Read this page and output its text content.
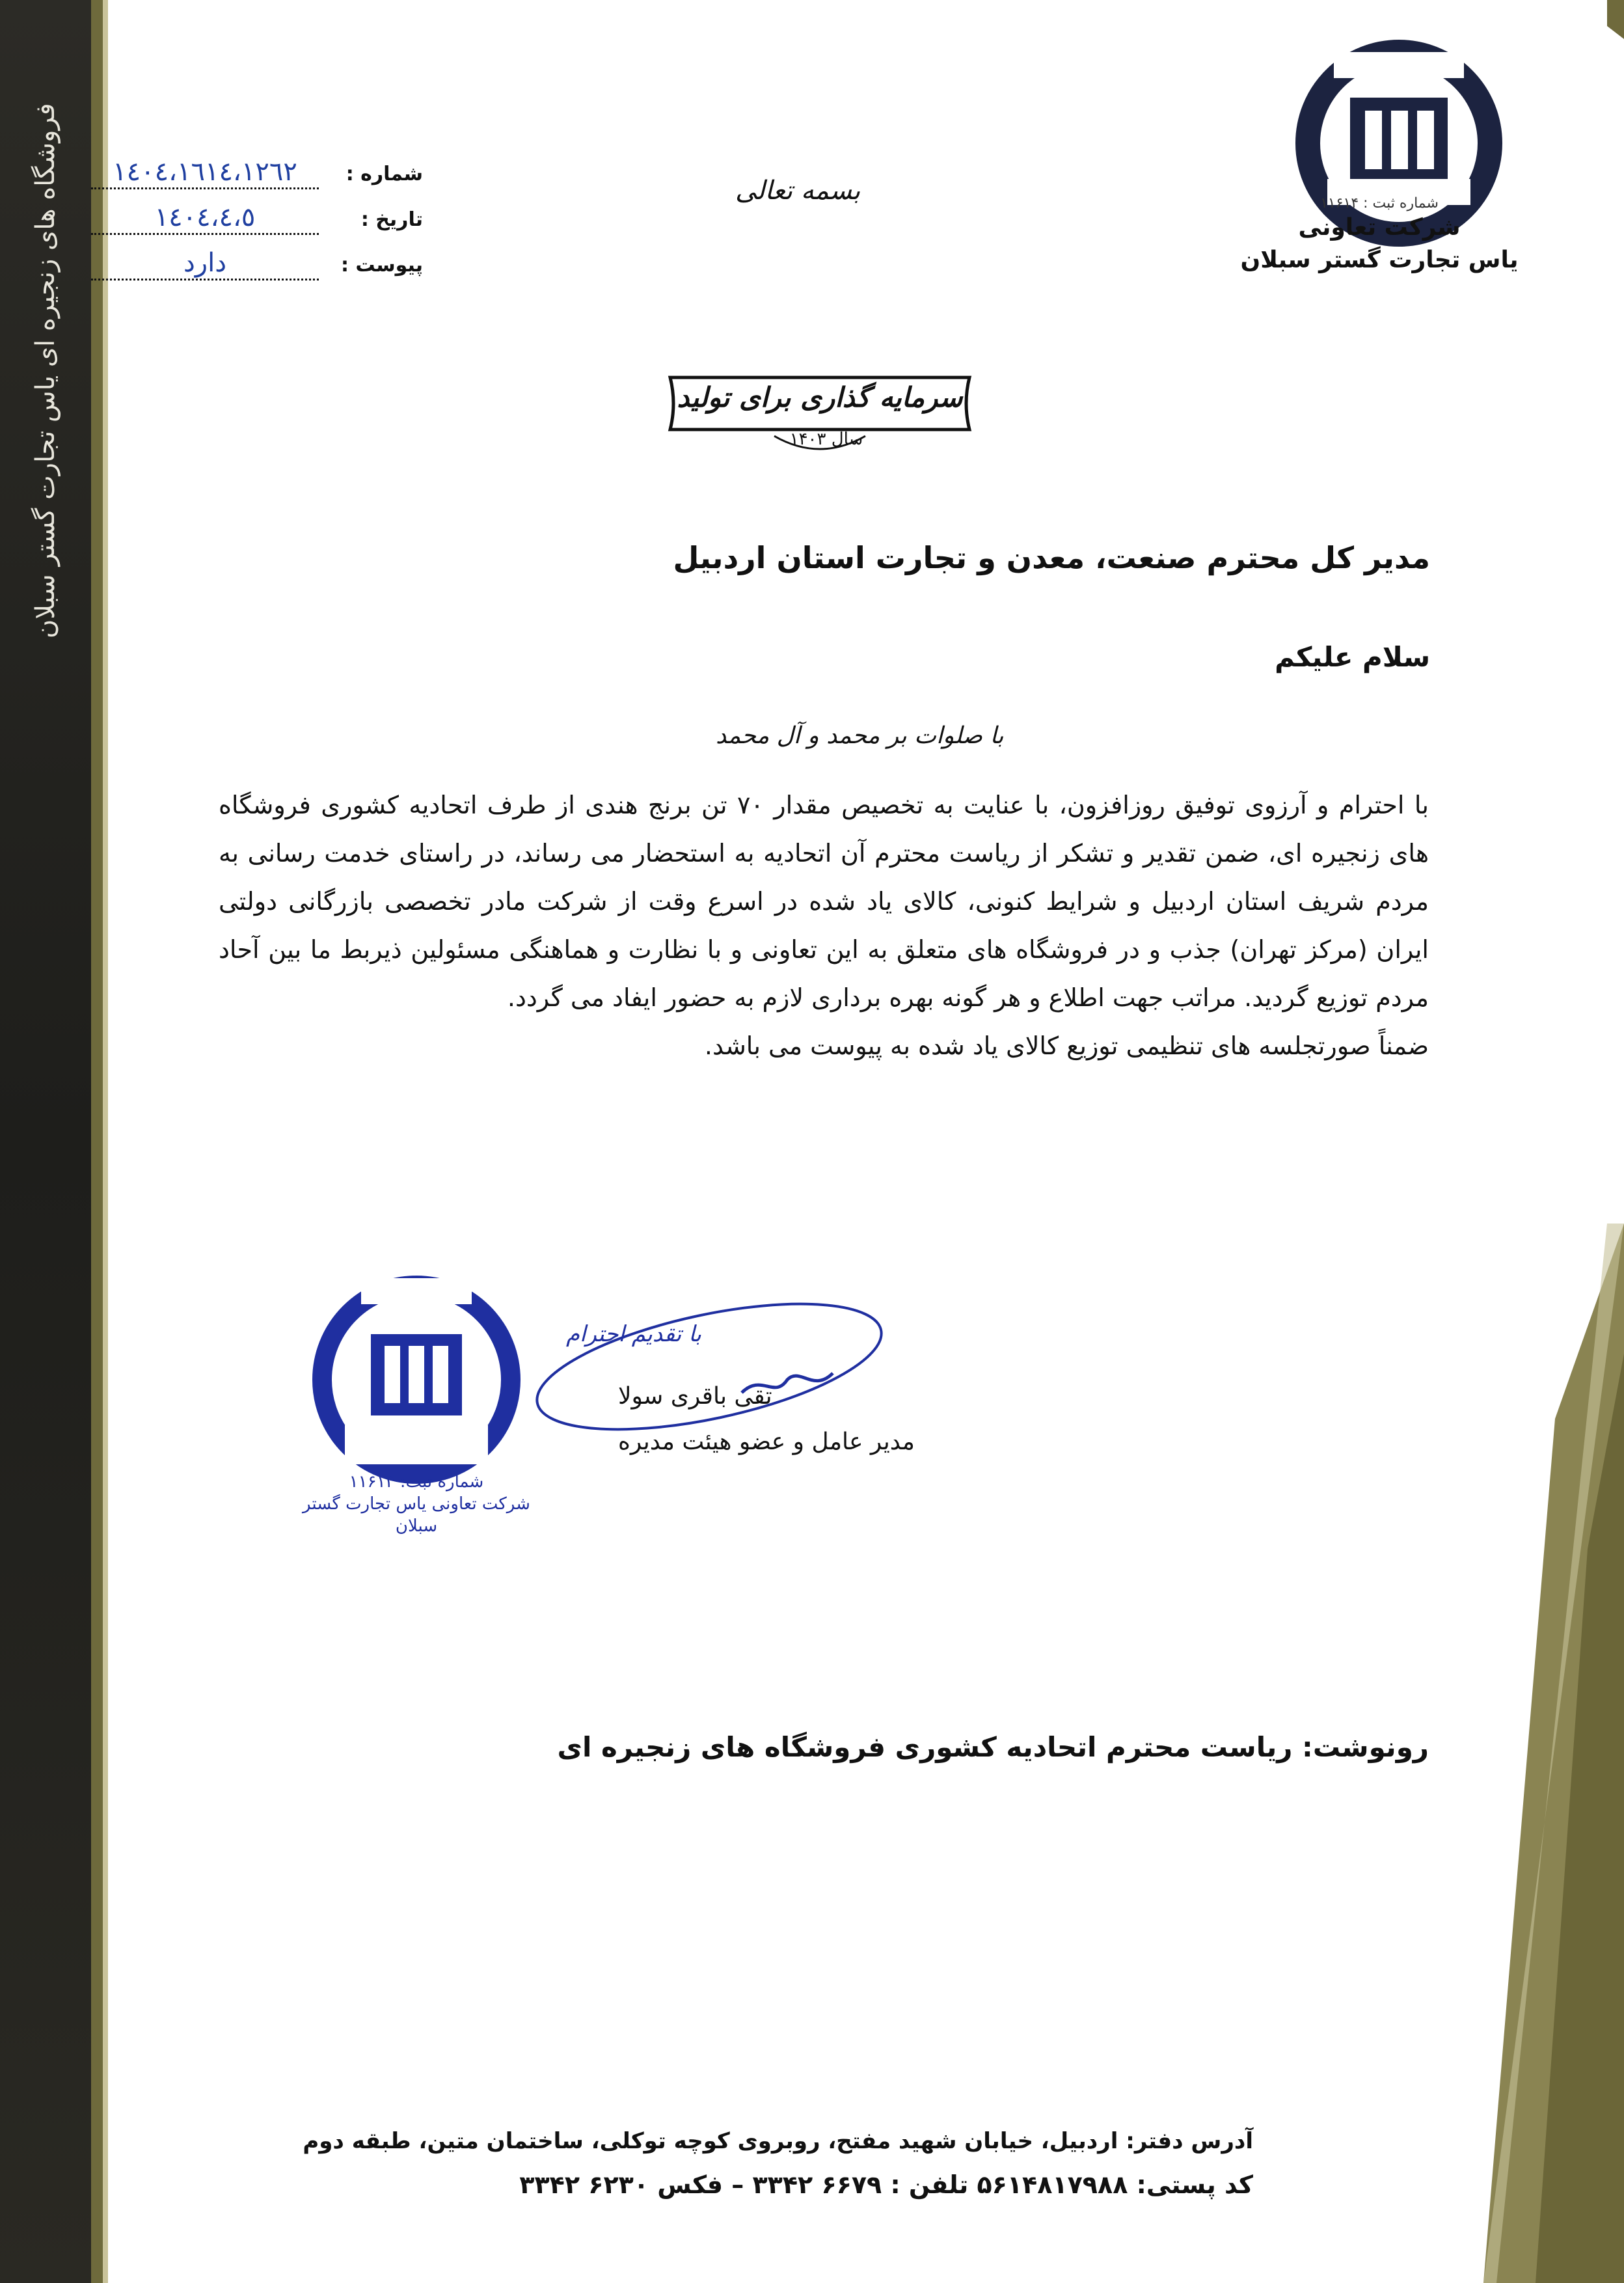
فروشگاه های زنجیره ای یاس تجارت گستر سبلان	شماره ثبت : ۱۱۶۱۴
شرکت تعاونی
یاس تجارت گستر سبلان
شماره :
١٤٠٤،١٦١٤،١٢٦٢
تاریخ :
١٤٠٤،٤،٥
پیوست :
دارد
بسمه تعالی
سرمایه گذاری برای تولید
سال ۱۴۰۳
مدیر کل محترم صنعت، معدن و تجارت استان اردبیل
سلام علیکم
با صلوات بر محمد و آل محمد

با احترام و آرزوی توفیق روزافزون، با عنایت به تخصیص مقدار ۷۰ تن برنج هندی از طرف اتحادیه کشوری فروشگاه های زنجیره ای، ضمن تقدیر و تشکر از ریاست محترم آن اتحادیه به استحضار می رساند، در راستای خدمت رسانی به مردم شریف استان اردبیل و شرایط کنونی، کالای یاد شده در اسرع وقت از شرکت مادر تخصصی بازرگانی دولتی ایران (مرکز تهران) جذب و در فروشگاه های متعلق به این تعاونی و با نظارت و هماهنگی مسئولین ذیربط ما بین آحاد مردم توزیع گردید. مراتب جهت اطلاع و هر گونه بهره برداری لازم به حضور ایفاد می گردد.

ضمناً صورتجلسه های تنظیمی توزیع کالای یاد شده به پیوست می باشد.

شماره ثبت: ۱۱۶۱۴
شرکت تعاونی یاس تجارت گستر سبلان
با تقدیم احترام
تقی باقری سولا
مدیر عامل و عضو هیئت مدیره
رونوشت: ریاست محترم اتحادیه کشوری فروشگاه های زنجیره ای
آدرس دفتر: اردبیل، خیابان شهید مفتح، روبروی کوچه توکلی، ساختمان متین، طبقه دوم
کد پستی: ۵۶۱۴۸۱۷۹۸۸ تلفن : ۶۶۷۹ ۳۳۴۲ – فکس ۶۲۳۰ ۳۳۴۲
